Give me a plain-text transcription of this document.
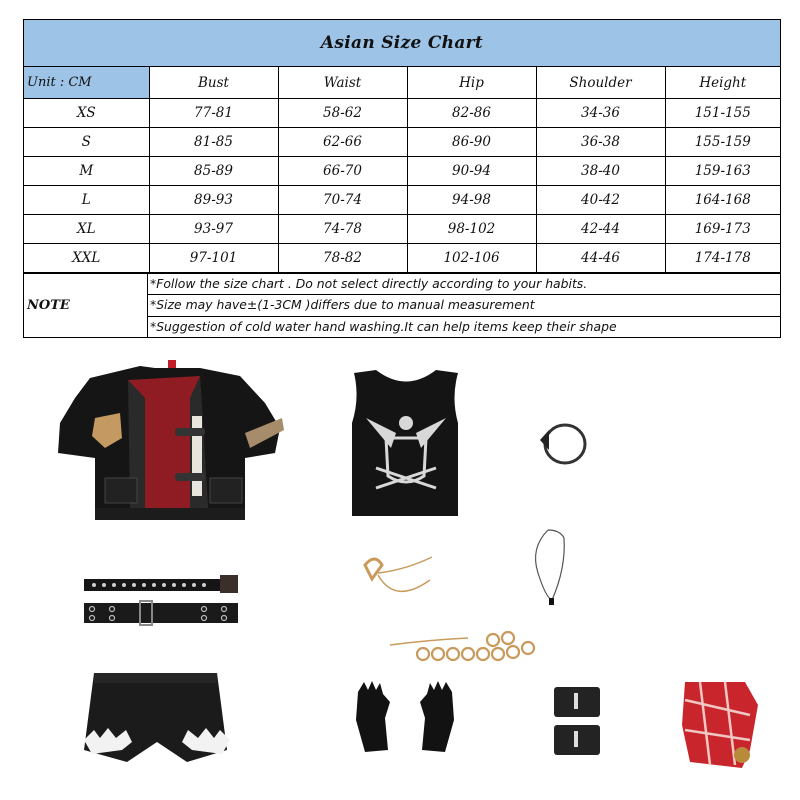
Asian Size Chart
Unit : CM	Bust	Waist	Hip	Shoulder	Height
XS	77-81	58-62	82-86	34-36	151-155
S	81-85	62-66	86-90	36-38	155-159
M	85-89	66-70	90-94	38-40	159-163
L	89-93	70-74	94-98	40-42	164-168
XL	93-97	74-78	98-102	42-44	169-173
XXL	97-101	78-82	102-106	44-46	174-178
NOTE
*Follow the size chart . Do not select directly according to your habits.
*Size may have±(1-3CM )differs due to manual measurement
*Suggestion of cold water hand washing.It can help items keep their shape
